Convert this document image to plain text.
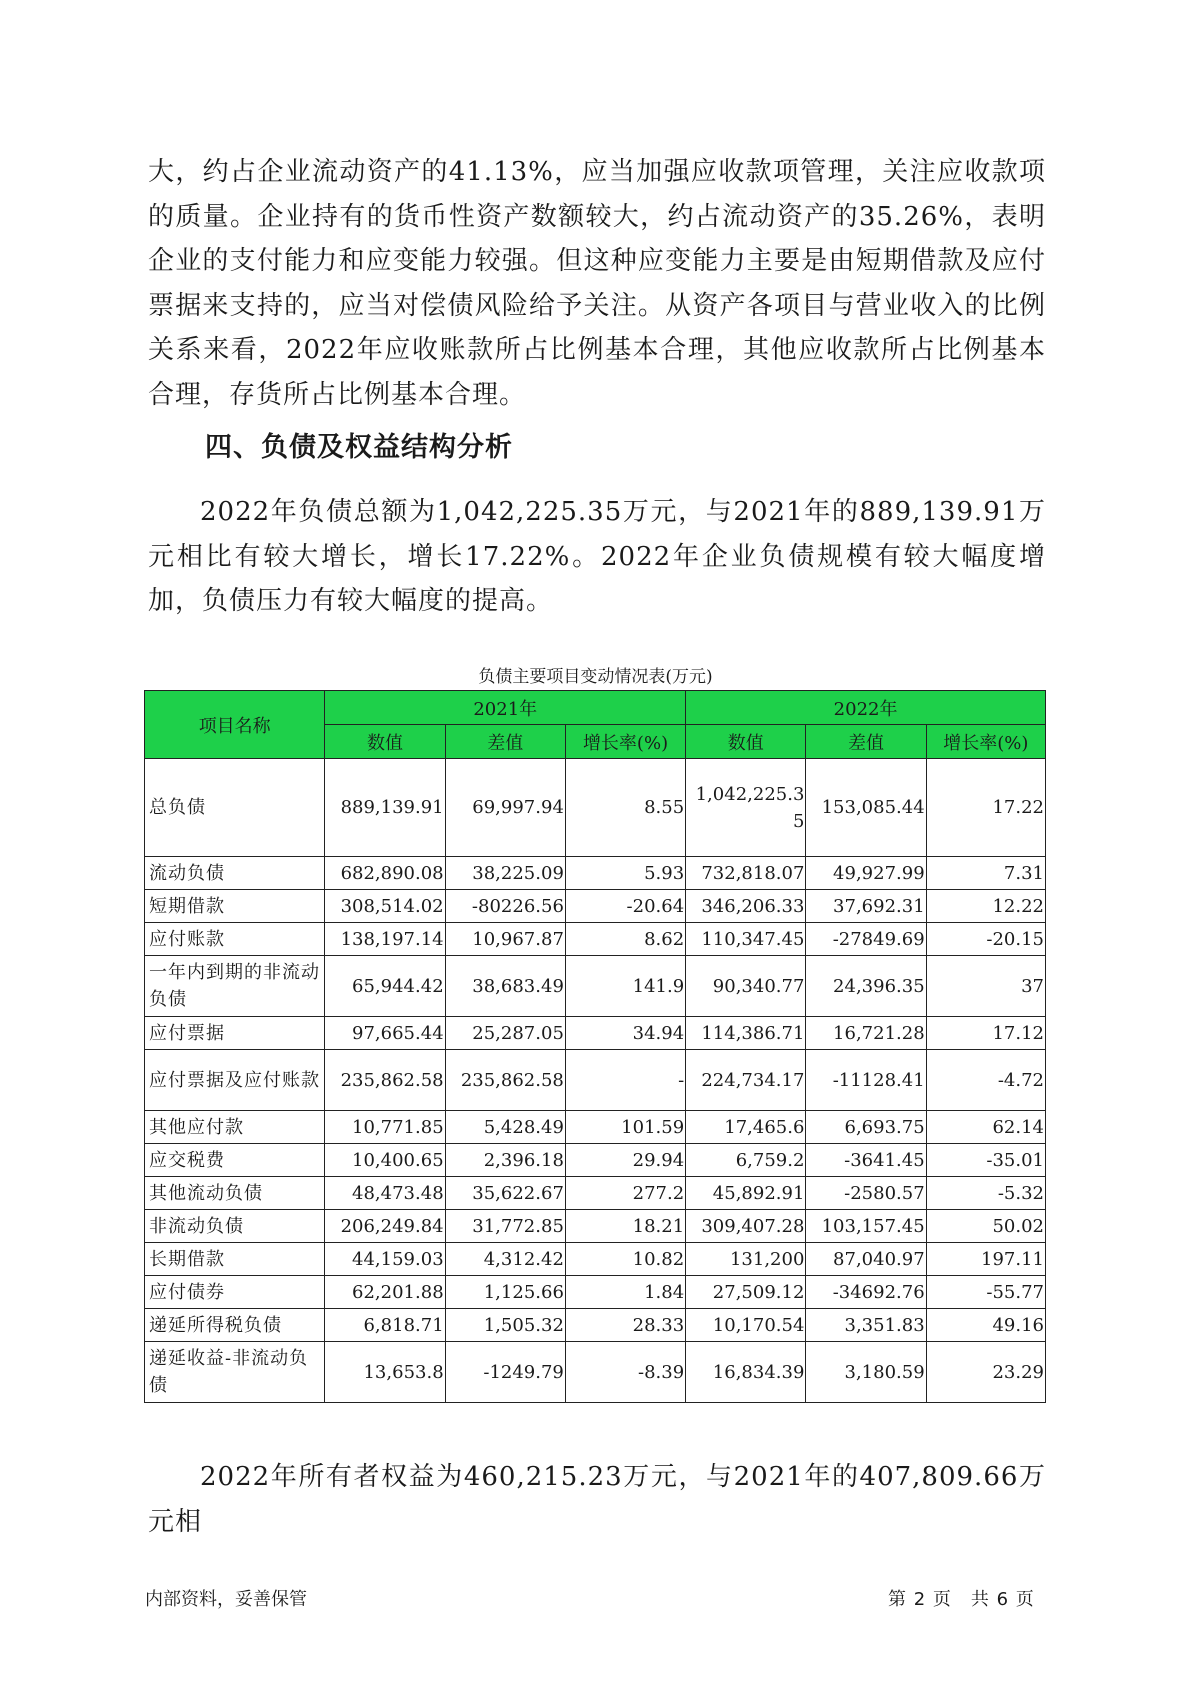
大，约占企业流动资产的41.13%，应当加强应收款项管理，关注应收款项的质量。企业持有的货币性资产数额较大，约占流动资产的35.26%，表明企业的支付能力和应变能力较强。但这种应变能力主要是由短期借款及应付票据来支持的，应当对偿债风险给予关注。从资产各项目与营业收入的比例关系来看，2022年应收账款所占比例基本合理，其他应收款所占比例基本合理，存货所占比例基本合理。

四、负债及权益结构分析

2022年负债总额为1,042,225.35万元，与2021年的889,139.91万元相比有较大增长，增长17.22%。2022年企业负债规模有较大幅度增加，负债压力有较大幅度的提高。

负债主要项目变动情况表(万元)
项目名称	2021年			2022年		
	数值	差值	增长率(%)	数值	差值	增长率(%)
总负债	889,139.91	69,997.94	8.55	1,042,225.35	153,085.44	17.22
流动负债	682,890.08	38,225.09	5.93	732,818.07	49,927.99	7.31
短期借款	308,514.02	-80226.56	-20.64	346,206.33	37,692.31	12.22
应付账款	138,197.14	10,967.87	8.62	110,347.45	-27849.69	-20.15
一年内到期的非流动负债	65,944.42	38,683.49	141.9	90,340.77	24,396.35	37
应付票据	97,665.44	25,287.05	34.94	114,386.71	16,721.28	17.12
应付票据及应付账款	235,862.58	235,862.58	-	224,734.17	-11128.41	-4.72
其他应付款	10,771.85	5,428.49	101.59	17,465.6	6,693.75	62.14
应交税费	10,400.65	2,396.18	29.94	6,759.2	-3641.45	-35.01
其他流动负债	48,473.48	35,622.67	277.2	45,892.91	-2580.57	-5.32
非流动负债	206,249.84	31,772.85	18.21	309,407.28	103,157.45	50.02
长期借款	44,159.03	4,312.42	10.82	131,200	87,040.97	197.11
应付债券	62,201.88	1,125.66	1.84	27,509.12	-34692.76	-55.77
递延所得税负债	6,818.71	1,505.32	28.33	10,170.54	3,351.83	49.16
递延收益-非流动负债	13,653.8	-1249.79	-8.39	16,834.39	3,180.59	23.29

2022年所有者权益为460,215.23万元，与2021年的407,809.66万元相

内部资料，妥善保管	第 2 页　共 6 页
